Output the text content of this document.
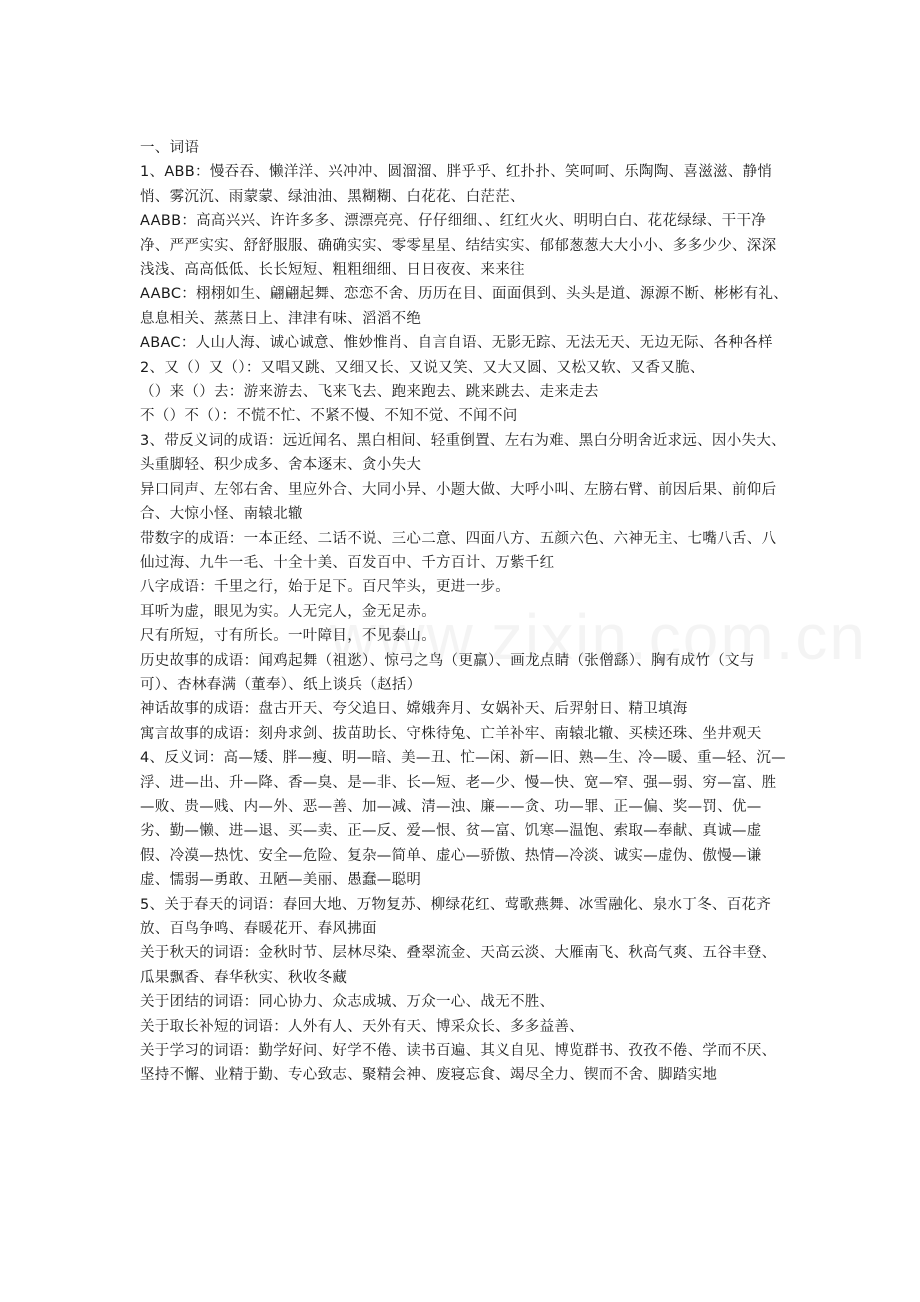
一、词语

1、ABB：慢吞吞、懒洋洋、兴冲冲、圆溜溜、胖乎乎、红扑扑、笑呵呵、乐陶陶、喜滋滋、静悄悄、雾沉沉、雨蒙蒙、绿油油、黑糊糊、白花花、白茫茫、

AABB：高高兴兴、许许多多、漂漂亮亮、仔仔细细、、红红火火、明明白白、花花绿绿、干干净净、严严实实、舒舒服服、确确实实、零零星星、结结实实、郁郁葱葱大大小小、多多少少、深深浅浅、高高低低、长长短短、粗粗细细、日日夜夜、来来往

AABC：栩栩如生、翩翩起舞、恋恋不舍、历历在目、面面俱到、头头是道、源源不断、彬彬有礼、息息相关、蒸蒸日上、津津有味、滔滔不绝

ABAC：人山人海、诚心诚意、惟妙惟肖、自言自语、无影无踪、无法无天、无边无际、各种各样

2、又（）又（）：又唱又跳、又细又长、又说又笑、又大又圆、又松又软、又香又脆、

（）来（）去：游来游去、飞来飞去、跑来跑去、跳来跳去、走来走去

不（）不（）：不慌不忙、不紧不慢、不知不觉、不闻不问

3、带反义词的成语：远近闻名、黑白相间、轻重倒置、左右为难、黑白分明舍近求远、因小失大、头重脚轻、积少成多、舍本逐末、贪小失大

异口同声、左邻右舍、里应外合、大同小异、小题大做、大呼小叫、左膀右臂、前因后果、前仰后合、大惊小怪、南辕北辙

带数字的成语：一本正经、二话不说、三心二意、四面八方、五颜六色、六神无主、七嘴八舌、八仙过海、九牛一毛、十全十美、百发百中、千方百计、万紫千红

八字成语：千里之行，始于足下。百尺竿头，更进一步。

耳听为虚，眼见为实。人无完人，金无足赤。

尺有所短，寸有所长。一叶障目，不见泰山。

历史故事的成语：闻鸡起舞（祖逖）、惊弓之鸟（更羸）、画龙点睛（张僧繇）、胸有成竹（文与可）、杏林春满（董奉）、纸上谈兵（赵括）

神话故事的成语：盘古开天、夸父追日、嫦娥奔月、女娲补天、后羿射日、精卫填海

寓言故事的成语：刻舟求剑、拔苗助长、守株待兔、亡羊补牢、南辕北辙、买椟还珠、坐井观天

4、反义词：高—矮、胖—瘦、明—暗、美—丑、忙—闲、新—旧、熟—生、冷—暖、重—轻、沉—浮、进—出、升—降、香—臭、是—非、长—短、老—少、慢—快、宽—窄、强—弱、穷—富、胜—败、贵—贱、内—外、恶—善、加—减、清—浊、廉——贪、功—罪、正—偏、奖—罚、优—劣、勤—懒、进—退、买—卖、正—反、爱—恨、贫—富、饥寒—温饱、索取—奉献、真诚—虚假、冷漠—热忱、安全—危险、复杂—简单、虚心—骄傲、热情—冷淡、诚实—虚伪、傲慢—谦虚、懦弱—勇敢、丑陋—美丽、愚蠢—聪明

5、关于春天的词语：春回大地、万物复苏、柳绿花红、莺歌燕舞、冰雪融化、泉水丁冬、百花齐放、百鸟争鸣、春暖花开、春风拂面

关于秋天的词语：金秋时节、层林尽染、叠翠流金、天高云淡、大雁南飞、秋高气爽、五谷丰登、瓜果飘香、春华秋实、秋收冬藏

关于团结的词语：同心协力、众志成城、万众一心、战无不胜、

关于取长补短的词语：人外有人、天外有天、博采众长、多多益善、

关于学习的词语：勤学好问、好学不倦、读书百遍、其义自见、博览群书、孜孜不倦、学而不厌、坚持不懈、业精于勤、专心致志、聚精会神、废寝忘食、竭尽全力、锲而不舍、脚踏实地
